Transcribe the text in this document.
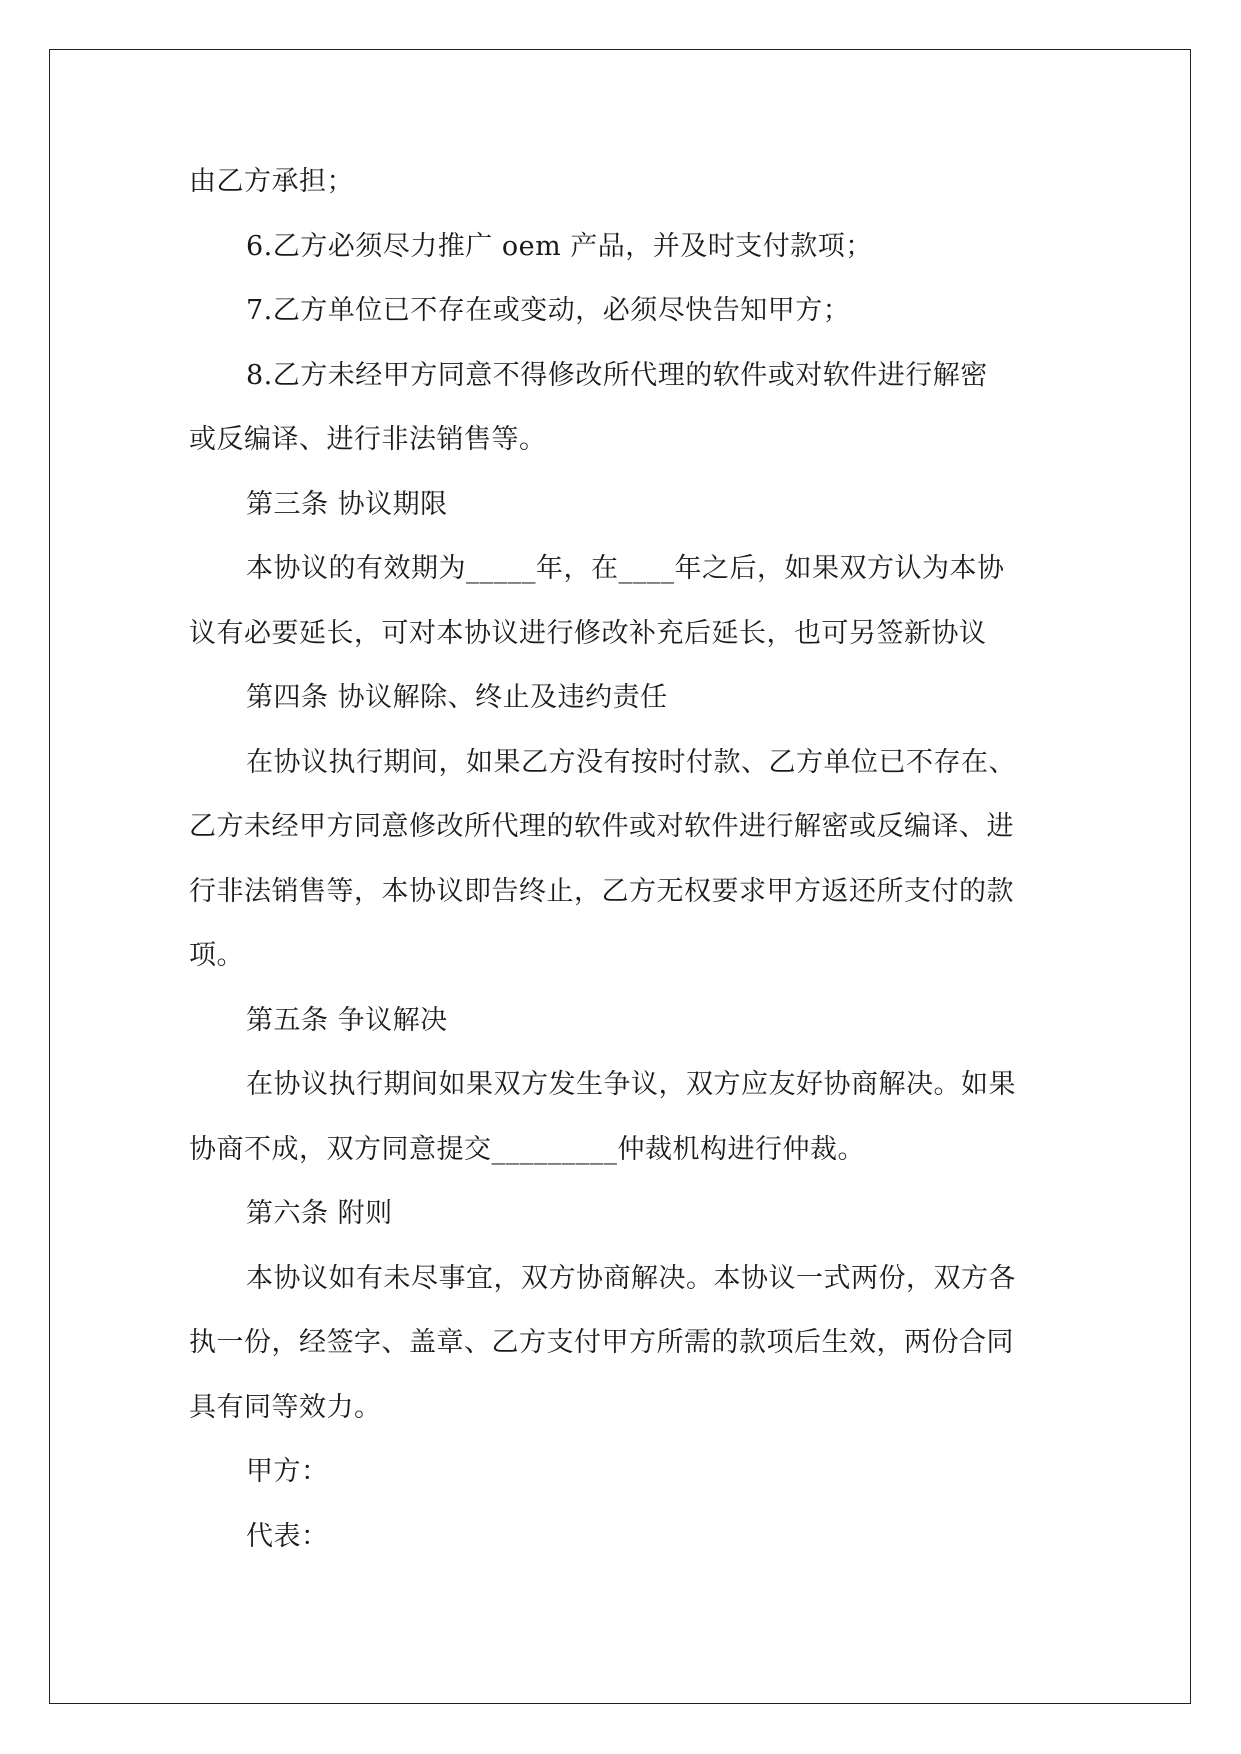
由乙方承担；
6.乙方必须尽力推广 oem 产品，并及时支付款项；
7.乙方单位已不存在或变动，必须尽快告知甲方；
8.乙方未经甲方同意不得修改所代理的软件或对软件进行解密
或反编译、进行非法销售等。
第三条 协议期限
本协议的有效期为_____年，在____年之后，如果双方认为本协
议有必要延长，可对本协议进行修改补充后延长，也可另签新协议
第四条 协议解除、终止及违约责任
在协议执行期间，如果乙方没有按时付款、乙方单位已不存在、
乙方未经甲方同意修改所代理的软件或对软件进行解密或反编译、进
行非法销售等，本协议即告终止，乙方无权要求甲方返还所支付的款
项。
第五条 争议解决
在协议执行期间如果双方发生争议，双方应友好协商解决。如果
协商不成，双方同意提交_________仲裁机构进行仲裁。
第六条 附则
本协议如有未尽事宜，双方协商解决。本协议一式两份，双方各
执一份，经签字、盖章、乙方支付甲方所需的款项后生效，两份合同
具有同等效力。
甲方：
代表：
